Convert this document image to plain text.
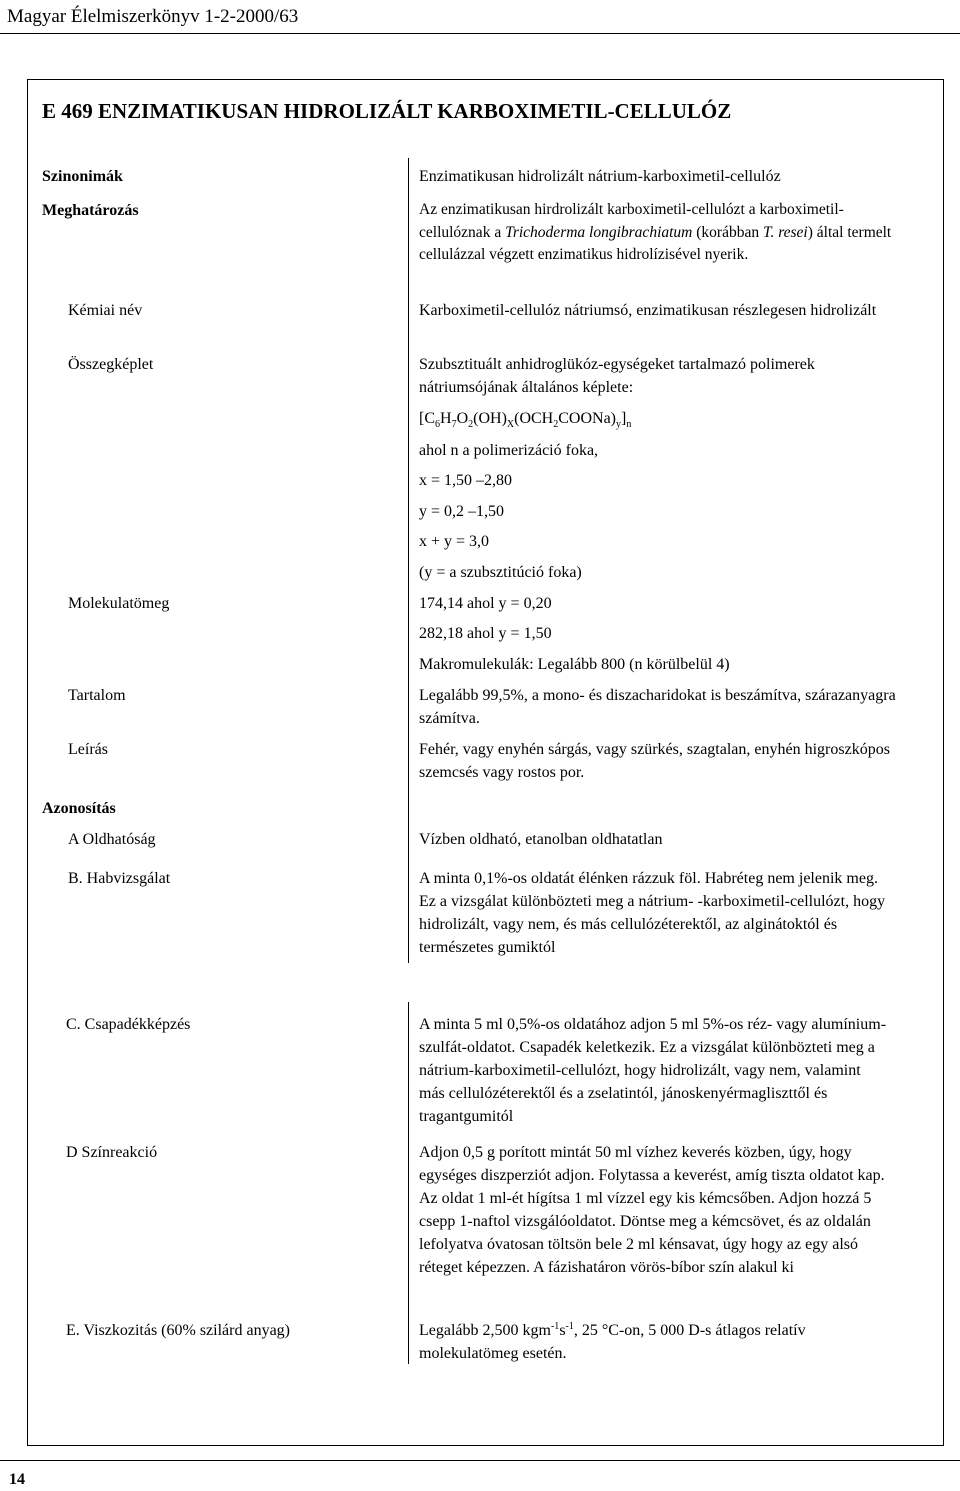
Magyar Élelmiszerkönyv 1-2-2000/63
E 469 ENZIMATIKUSAN HIDROLIZÁLT KARBOXIMETIL-CELLULÓZ
Szinonimák
Meghatározás
Kémiai név
Összegképlet
Molekulatömeg
Tartalom
Leírás
Azonosítás
A Oldhatóság
B. Habvizsgálat
C. Csapadékképzés
D Színreakció
E. Viszkozitás (60% szilárd anyag)
Enzimatikusan hidrolizált nátrium-karboximetil-cellulóz
Az enzimatikusan hirdrolizált karboximetil-cellulózt a karboximetil-cellulóznak a Trichoderma longibrachiatum (korábban T. resei) által termelt cellulázzal végzett enzimatikus hidrolízisével nyerik.
Karboximetil-cellulóz nátriumsó, enzimatikusan részlegesen hidrolizált
Szubsztituált anhidroglükóz-egységeket tartalmazó polimerek nátriumsójának általános képlete:
$[C_6H_7O_2(OH)_X(OCH_2COONa)_y]_n$
ahol n a polimerizáció foka,
x = 1,50 –2,80
y = 0,2 –1,50
x + y = 3,0
(y = a szubsztitúció foka)
174,14 ahol y = 0,20
282,18 ahol y = 1,50
Makromulekulák: Legalább 800 (n körülbelül 4)
Legalább 99,5%, a mono- és diszacharidokat is beszámítva, szárazanyagra számítva.
Fehér, vagy enyhén sárgás, vagy szürkés, szagtalan, enyhén higroszkópos szemcsés vagy rostos por.
Vízben oldható, etanolban oldhatatlan
A minta 0,1%-os oldatát élénken rázzuk föl. Habréteg nem jelenik meg. Ez a vizsgálat különbözteti meg a nátrium- -karboximetil-cellulózt, hogy hidrolizált, vagy nem, és más cellulózéterektől, az alginátoktól és természetes gumiktól
A minta 5 ml 0,5%-os oldatához adjon 5 ml 5%-os réz- vagy alumínium-szulfát-oldatot. Csapadék keletkezik. Ez a vizsgálat különbözteti meg a nátrium-karboximetil-cellulózt, hogy hidrolizált, vagy nem, valamint más cellulózéterektől és a zselatintól, jánoskenyérmagliszttől és tragantgumitól
Adjon 0,5 g porított mintát 50 ml vízhez keverés közben, úgy, hogy egységes diszperziót adjon. Folytassa a keverést, amíg tiszta oldatot kap. Az oldat 1 ml-ét hígítsa 1 ml vízzel egy kis kémcsőben. Adjon hozzá 5 csepp 1-naftol vizsgálóoldatot. Döntse meg a kémcsövet, és az oldalán lefolyatva óvatosan töltsön bele 2 ml kénsavat, úgy hogy az egy alsó réteget képezzen. A fázishatáron vörös-bíbor szín alakul ki
Legalább 2,500 $kgm^{-1}s^{-1}$, 25 °C-on, 5 000 D-s átlagos relatív molekulatömeg esetén.
14
